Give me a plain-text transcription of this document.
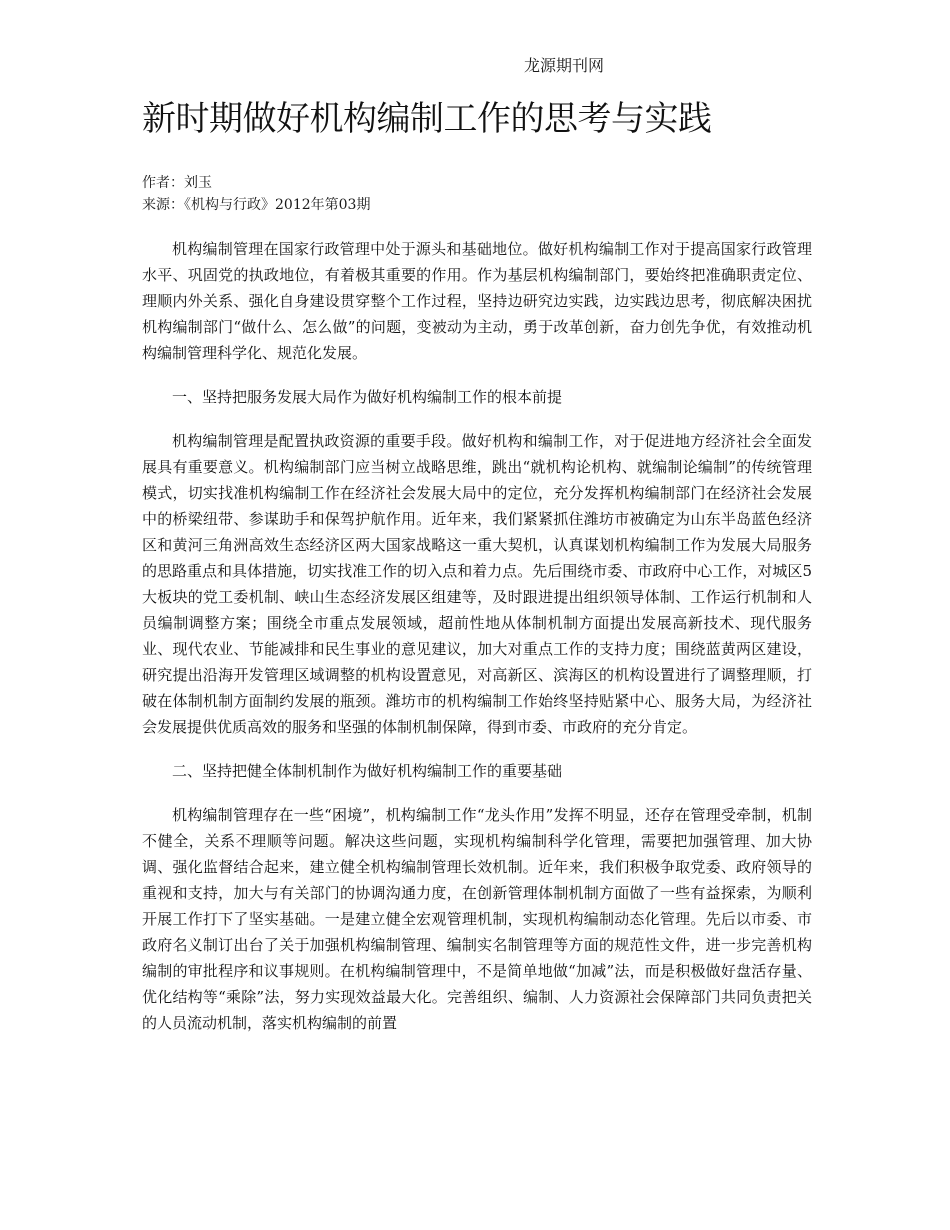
龙源期刊网
新时期做好机构编制工作的思考与实践
作者：刘玉
来源：《机构与行政》2012年第03期

机构编制管理在国家行政管理中处于源头和基础地位。做好机构编制工作对于提高国家行政管理水平、巩固党的执政地位，有着极其重要的作用。作为基层机构编制部门，要始终把准确职责定位、理顺内外关系、强化自身建设贯穿整个工作过程，坚持边研究边实践，边实践边思考，彻底解决困扰机构编制部门“做什么、怎么做”的问题，变被动为主动，勇于改革创新，奋力创先争优，有效推动机构编制管理科学化、规范化发展。

一、坚持把服务发展大局作为做好机构编制工作的根本前提

机构编制管理是配置执政资源的重要手段。做好机构和编制工作，对于促进地方经济社会全面发展具有重要意义。机构编制部门应当树立战略思维，跳出“就机构论机构、就编制论编制”的传统管理模式，切实找准机构编制工作在经济社会发展大局中的定位，充分发挥机构编制部门在经济社会发展中的桥梁纽带、参谋助手和保驾护航作用。近年来，我们紧紧抓住潍坊市被确定为山东半岛蓝色经济区和黄河三角洲高效生态经济区两大国家战略这一重大契机，认真谋划机构编制工作为发展大局服务的思路重点和具体措施，切实找准工作的切入点和着力点。先后围绕市委、市政府中心工作，对城区5大板块的党工委机制、峡山生态经济发展区组建等，及时跟进提出组织领导体制、工作运行机制和人员编制调整方案；围绕全市重点发展领域，超前性地从体制机制方面提出发展高新技术、现代服务业、现代农业、节能减排和民生事业的意见建议，加大对重点工作的支持力度；围绕蓝黄两区建设，研究提出沿海开发管理区域调整的机构设置意见，对高新区、滨海区的机构设置进行了调整理顺，打破在体制机制方面制约发展的瓶颈。潍坊市的机构编制工作始终坚持贴紧中心、服务大局，为经济社会发展提供优质高效的服务和坚强的体制机制保障，得到市委、市政府的充分肯定。

二、坚持把健全体制机制作为做好机构编制工作的重要基础

机构编制管理存在一些“困境”，机构编制工作“龙头作用”发挥不明显，还存在管理受牵制，机制不健全，关系不理顺等问题。解决这些问题，实现机构编制科学化管理，需要把加强管理、加大协调、强化监督结合起来，建立健全机构编制管理长效机制。近年来，我们积极争取党委、政府领导的重视和支持，加大与有关部门的协调沟通力度，在创新管理体制机制方面做了一些有益探索，为顺利开展工作打下了坚实基础。一是建立健全宏观管理机制，实现机构编制动态化管理。先后以市委、市政府名义制订出台了关于加强机构编制管理、编制实名制管理等方面的规范性文件，进一步完善机构编制的审批程序和议事规则。在机构编制管理中，不是简单地做“加减”法，而是积极做好盘活存量、优化结构等“乘除”法，努力实现效益最大化。完善组织、编制、人力资源社会保障部门共同负责把关的人员流动机制，落实机构编制的前置
